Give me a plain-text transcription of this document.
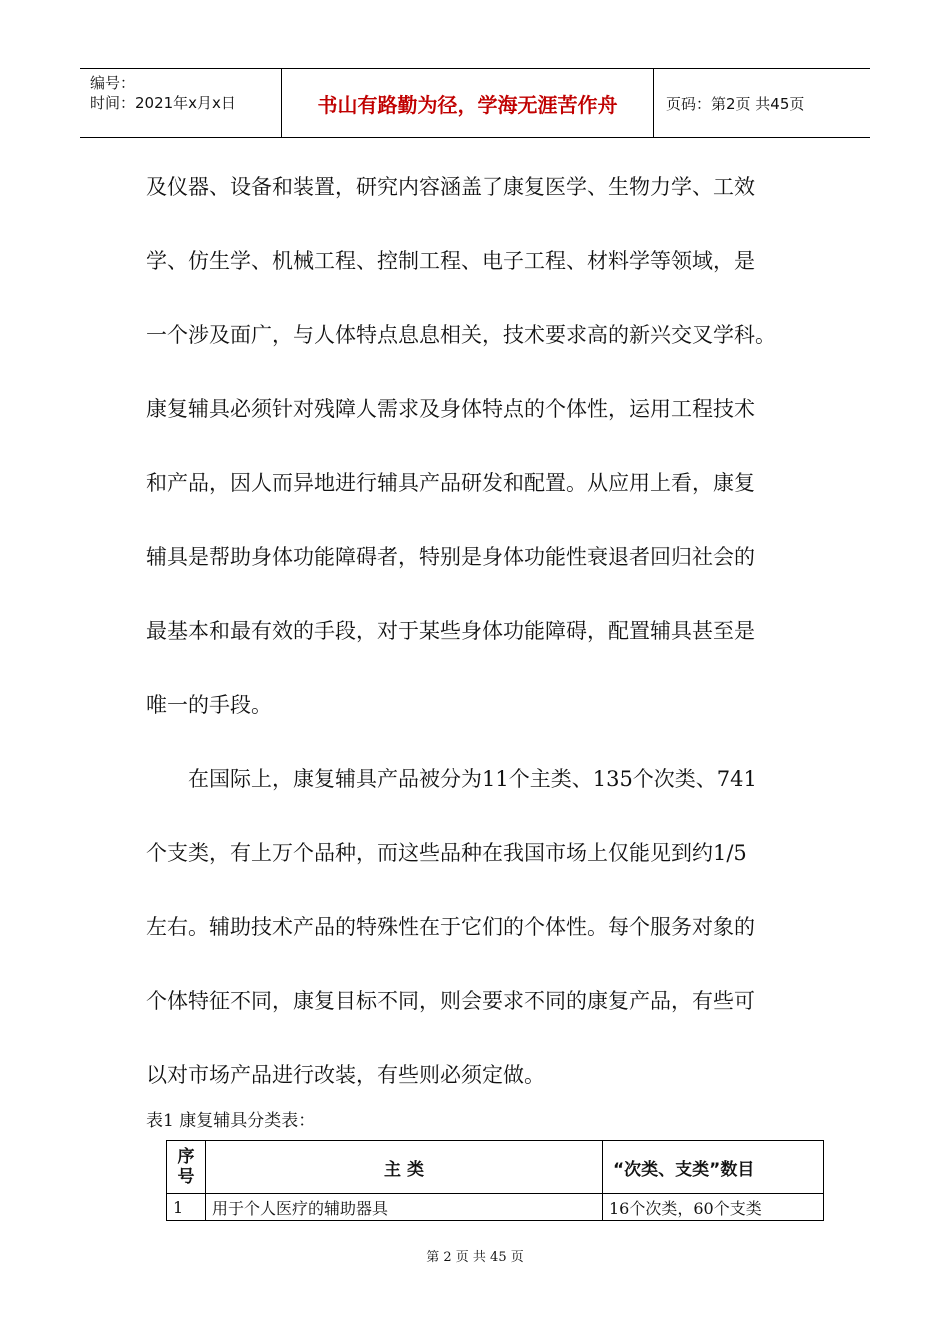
编号：
时间：2021年x月x日	书山有路勤为径，学海无涯苦作舟	页码：第2页 共45页

及仪器、设备和装置，研究内容涵盖了康复医学、生物力学、工效

学、仿生学、机械工程、控制工程、电子工程、材料学等领域，是

一个涉及面广，与人体特点息息相关，技术要求高的新兴交叉学科。

康复辅具必须针对残障人需求及身体特点的个体性，运用工程技术

和产品，因人而异地进行辅具产品研发和配置。从应用上看，康复

辅具是帮助身体功能障碍者，特别是身体功能性衰退者回归社会的

最基本和最有效的手段，对于某些身体功能障碍，配置辅具甚至是

唯一的手段。

在国际上，康复辅具产品被分为11个主类、135个次类、741

个支类，有上万个品种，而这些品种在我国市场上仅能见到约1/5

左右。辅助技术产品的特殊性在于它们的个体性。每个服务对象的

个体特征不同，康复目标不同，则会要求不同的康复产品，有些可

以对市场产品进行改装，有些则必须定做。

表1 康复辅具分类表：
序号	主 类	“次类、支类”数目
1	用于个人医疗的辅助器具	16个次类，60个支类
第 2 页 共 45 页
